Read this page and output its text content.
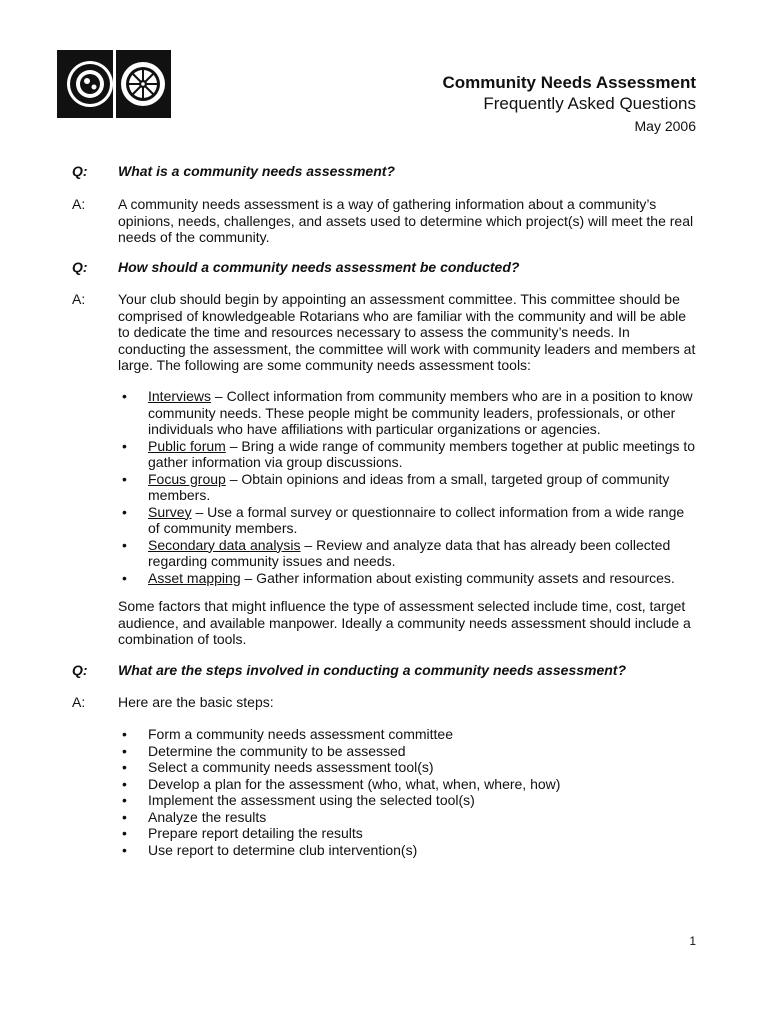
Community Needs Assessment
Frequently Asked Questions
May 2006
Q:	What is a community needs assessment?
A:	A community needs assessment is a way of gathering information about a community’s opinions, needs, challenges, and assets used to determine which project(s) will meet the real needs of the community.
Q:	How should a community needs assessment be conducted?
A:	Your club should begin by appointing an assessment committee. This committee should be comprised of knowledgeable Rotarians who are familiar with the community and will be able to dedicate the time and resources necessary to assess the community’s needs. In conducting the assessment, the committee will work with community leaders and members at large. The following are some community needs assessment tools:
• Interviews – Collect information from community members who are in a position to know community needs. These people might be community leaders, professionals, or other individuals who have affiliations with particular organizations or agencies.
• Public forum – Bring a wide range of community members together at public meetings to gather information via group discussions.
• Focus group – Obtain opinions and ideas from a small, targeted group of community members.
• Survey – Use a formal survey or questionnaire to collect information from a wide range of community members.
• Secondary data analysis – Review and analyze data that has already been collected regarding community issues and needs.
• Asset mapping – Gather information about existing community assets and resources.
Some factors that might influence the type of assessment selected include time, cost, target audience, and available manpower. Ideally a community needs assessment should include a combination of tools.
Q:	What are the steps involved in conducting a community needs assessment?
A:	Here are the basic steps:
• Form a community needs assessment committee
• Determine the community to be assessed
• Select a community needs assessment tool(s)
• Develop a plan for the assessment (who, what, when, where, how)
• Implement the assessment using the selected tool(s)
• Analyze the results
• Prepare report detailing the results
• Use report to determine club intervention(s)
1
